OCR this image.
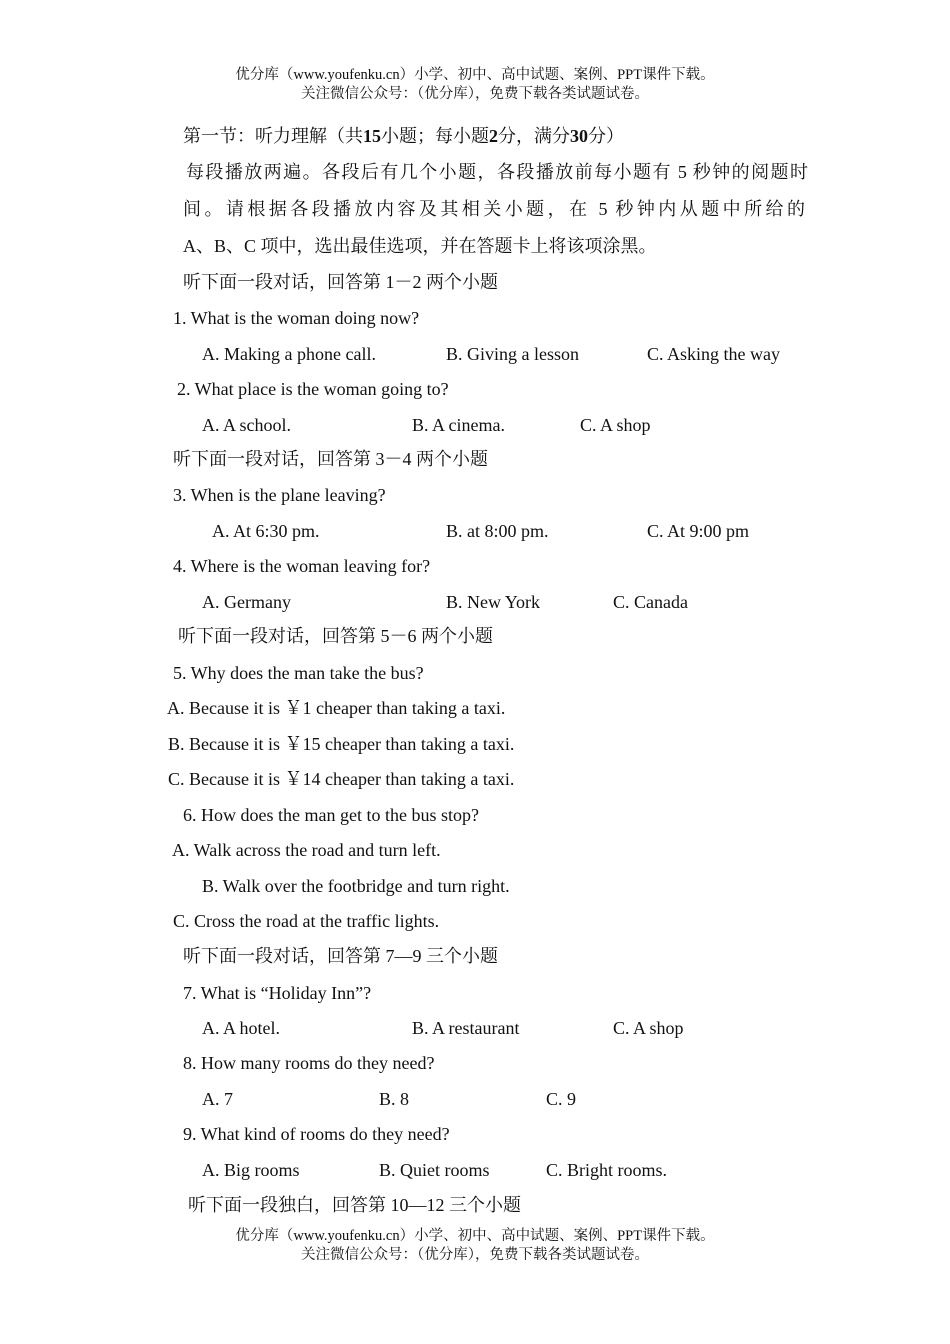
优分库（www.youfenku.cn）小学、初中、高中试题、案例、PPT课件下载。
关注微信公众号：（优分库），免费下载各类试题试卷。
第一节：听力理解（共15小题；每小题2分，满分30分）
每段播放两遍。各段后有几个小题，各段播放前每小题有 5 秒钟的阅题时
间。请根据各段播放内容及其相关小题，在 5 秒钟内从题中所给的
A、B、C 项中，选出最佳选项，并在答题卡上将该项涂黑。
听下面一段对话，回答第 1－2 两个小题
1. What is the woman doing now?
A. Making a phone call.	B. Giving a lesson	C. Asking the way
2. What place is the woman going to?
A. A school.	B. A cinema.	C. A shop
听下面一段对话，回答第 3－4 两个小题
3. When is the plane leaving?
A. At 6:30 pm.	B. at 8:00 pm.	C. At 9:00 pm
4. Where is the woman leaving for?
A. Germany	B. New York	C. Canada
听下面一段对话，回答第 5－6 两个小题
5. Why does the man take the bus?
A. Because it is ￥1 cheaper than taking a taxi.
B. Because it is ￥15 cheaper than taking a taxi.
C. Because it is ￥14 cheaper than taking a taxi.
6. How does the man get to the bus stop?
A. Walk across the road and turn left.
B. Walk over the footbridge and turn right.
C. Cross the road at the traffic lights.
听下面一段对话，回答第 7—9 三个小题
7. What is “Holiday Inn”?
A. A hotel.	B. A restaurant	C. A shop
8. How many rooms do they need?
A. 7	B. 8	C. 9
9. What kind of rooms do they need?
A. Big rooms	B. Quiet rooms	C. Bright rooms.
听下面一段独白，回答第 10—12 三个小题
优分库（www.youfenku.cn）小学、初中、高中试题、案例、PPT课件下载。
关注微信公众号：（优分库），免费下载各类试题试卷。
